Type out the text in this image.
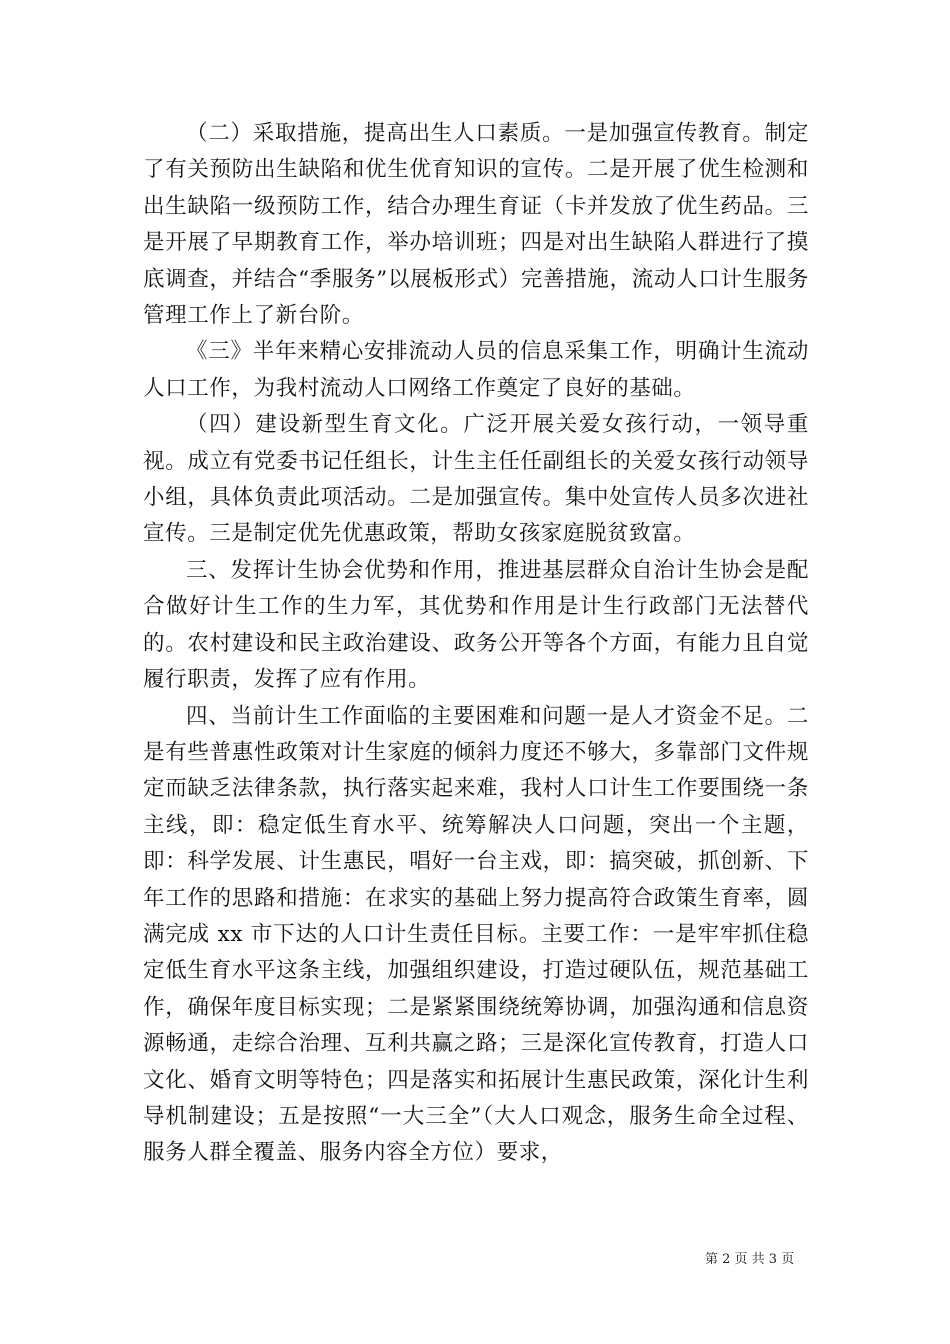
（二）采取措施，提高出生人口素质。一是加强宣传教育。制定了有关预防出生缺陷和优生优育知识的宣传。二是开展了优生检测和出生缺陷一级预防工作，结合办理生育证（卡并发放了优生药品。三是开展了早期教育工作，举办培训班；四是对出生缺陷人群进行了摸底调查，并结合“季服务”以展板形式）完善措施，流动人口计生服务管理工作上了新台阶。

《三》半年来精心安排流动人员的信息采集工作，明确计生流动人口工作，为我村流动人口网络工作奠定了良好的基础。

（四）建设新型生育文化。广泛开展关爱女孩行动，一领导重视。成立有党委书记任组长，计生主任任副组长的关爱女孩行动领导小组，具体负责此项活动。二是加强宣传。集中处宣传人员多次进社宣传。三是制定优先优惠政策，帮助女孩家庭脱贫致富。

三、发挥计生协会优势和作用，推进基层群众自治计生协会是配合做好计生工作的生力军，其优势和作用是计生行政部门无法替代的。农村建设和民主政治建设、政务公开等各个方面，有能力且自觉履行职责，发挥了应有作用。

四、当前计生工作面临的主要困难和问题一是人才资金不足。二是有些普惠性政策对计生家庭的倾斜力度还不够大，多靠部门文件规定而缺乏法律条款，执行落实起来难，我村人口计生工作要围绕一条主线，即：稳定低生育水平、统筹解决人口问题，突出一个主题，即：科学发展、计生惠民，唱好一台主戏，即：搞突破，抓创新、下年工作的思路和措施：在求实的基础上努力提高符合政策生育率，圆满完成 xx 市下达的人口计生责任目标。主要工作：一是牢牢抓住稳定低生育水平这条主线，加强组织建设，打造过硬队伍，规范基础工作，确保年度目标实现；二是紧紧围绕统筹协调，加强沟通和信息资源畅通，走综合治理、互利共赢之路；三是深化宣传教育，打造人口文化、婚育文明等特色；四是落实和拓展计生惠民政策，深化计生利导机制建设；五是按照“一大三全”（大人口观念，服务生命全过程、服务人群全覆盖、服务内容全方位）要求，

第 2 页 共 3 页
